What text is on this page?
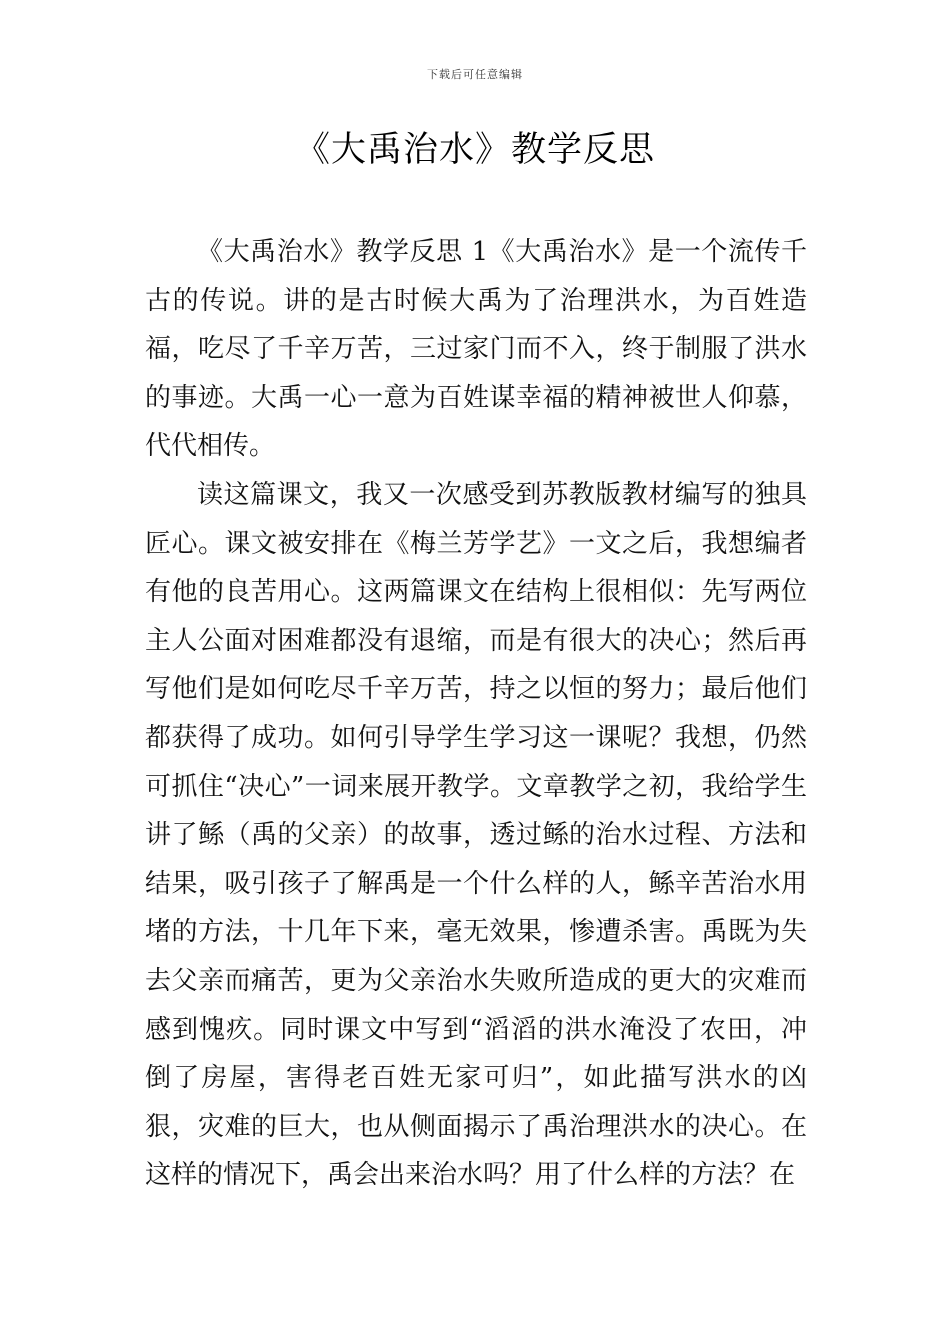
下载后可任意编辑
《大禹治水》教学反思

《大禹治水》教学反思 1《大禹治水》是一个流传千古的传说。讲的是古时候大禹为了治理洪水，为百姓造福，吃尽了千辛万苦，三过家门而不入，终于制服了洪水的事迹。大禹一心一意为百姓谋幸福的精神被世人仰慕，代代相传。

读这篇课文，我又一次感受到苏教版教材编写的独具匠心。课文被安排在《梅兰芳学艺》一文之后，我想编者有他的良苦用心。这两篇课文在结构上很相似：先写两位主人公面对困难都没有退缩，而是有很大的决心；然后再写他们是如何吃尽千辛万苦，持之以恒的努力；最后他们都获得了成功。如何引导学生学习这一课呢？我想，仍然可抓住“决心”一词来展开教学。文章教学之初，我给学生讲了鲧（禹的父亲）的故事，透过鲧的治水过程、方法和结果，吸引孩子了解禹是一个什么样的人，鲧辛苦治水用堵的方法，十几年下来，毫无效果，惨遭杀害。禹既为失去父亲而痛苦，更为父亲治水失败所造成的更大的灾难而感到愧疚。同时课文中写到“滔滔的洪水淹没了农田，冲倒了房屋，害得老百姓无家可归”，如此描写洪水的凶狠，灾难的巨大，也从侧面揭示了禹治理洪水的决心。在这样的情况下，禹会出来治水吗？用了什么样的方法？在
